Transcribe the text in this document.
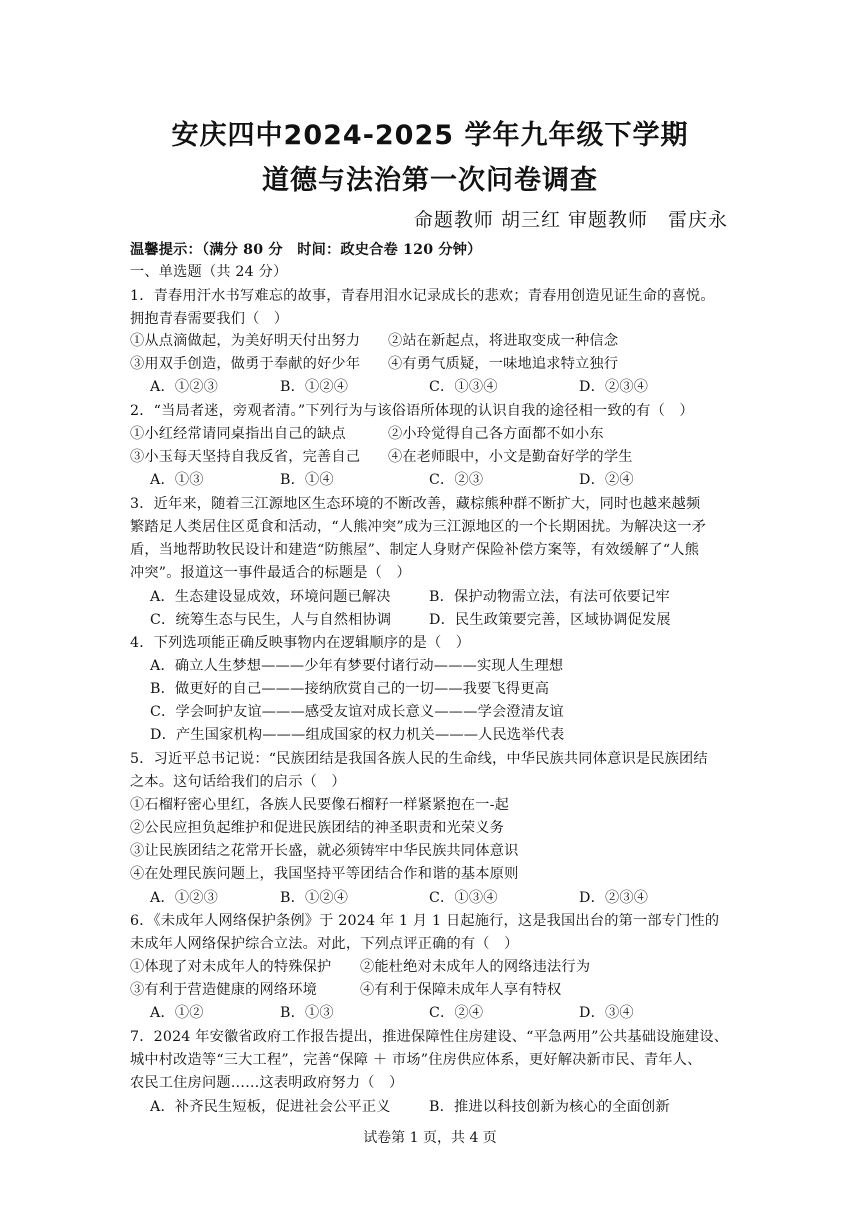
安庆四中2024-2025 学年九年级下学期
道德与法治第一次问卷调查
命题教师 胡三红 审题教师　雷庆永
温馨提示：（满分 80 分　时间：政史合卷 120 分钟）
一、单选题（共 24 分）
1．青春用汗水书写难忘的故事，青春用泪水记录成长的悲欢；青春用创造见证生命的喜悦。
拥抱青春需要我们（　）
①从点滴做起，为美好明天付出努力 ②站在新起点，将进取变成一种信念
③用双手创造，做勇于奉献的好少年 ④有勇气质疑，一味地追求特立独行
A．①②③	B．①②④	C．①③④	D．②③④
2．“当局者迷，旁观者清。”下列行为与该俗语所体现的认识自我的途径相一致的有（　）
①小红经常请同桌指出自己的缺点	②小玲觉得自己各方面都不如小东
③小玉每天坚持自我反省，完善自己 ④在老师眼中，小文是勤奋好学的学生
A．①③	B．①④	C．②③	D．②④
3．近年来，随着三江源地区生态环境的不断改善，藏棕熊种群不断扩大，同时也越来越频
繁踏足人类居住区觅食和活动，“人熊冲突”成为三江源地区的一个长期困扰。为解决这一矛
盾，当地帮助牧民设计和建造“防熊屋”、制定人身财产保险补偿方案等，有效缓解了“人熊
冲突”。报道这一事件最适合的标题是（　）
A．生态建设显成效，环境问题已解决	B．保护动物需立法，有法可依要记牢
C．统筹生态与民生，人与自然相协调	D．民生政策要完善，区域协调促发展
4．下列选项能正确反映事物内在逻辑顺序的是（　）
A．确立人生梦想———少年有梦要付诸行动———实现人生理想
B．做更好的自己———接纳欣赏自己的一切——我要飞得更高
C．学会呵护友谊———感受友谊对成长意义———学会澄清友谊
D．产生国家机构———组成国家的权力机关———人民选举代表
5．习近平总书记说：“民族团结是我国各族人民的生命线，中华民族共同体意识是民族团结
之本。这句话给我们的启示（　）
①石榴籽密心里红，各族人民要像石榴籽一样紧紧抱在一-起
②公民应担负起维护和促进民族团结的神圣职责和光荣义务
③让民族团结之花常开长盛，就必须铸牢中华民族共同体意识
④在处理民族问题上，我国坚持平等团结合作和谐的基本原则
A．①②③	B．①②④	C．①③④	D．②③④
6．《未成年人网络保护条例》于 2024 年 1 月 1 日起施行，这是我国出台的第一部专门性的
未成年人网络保护综合立法。对此，下列点评正确的有（　）
①体现了对未成年人的特殊保护 ②能杜绝对未成年人的网络违法行为
③有利于营造健康的网络环境	④有利于保障未成年人享有特权
A．①②	B．①③	C．②④	D．③④
7．2024 年安徽省政府工作报告提出，推进保障性住房建设、“平急两用”公共基础设施建设、
城中村改造等“三大工程”，完善“保障 ＋ 市场”住房供应体系，更好解决新市民、青年人、
农民工住房问题……这表明政府努力（　）
A．补齐民生短板，促进社会公平正义	B．推进以科技创新为核心的全面创新
试卷第 1 页，共 4 页
